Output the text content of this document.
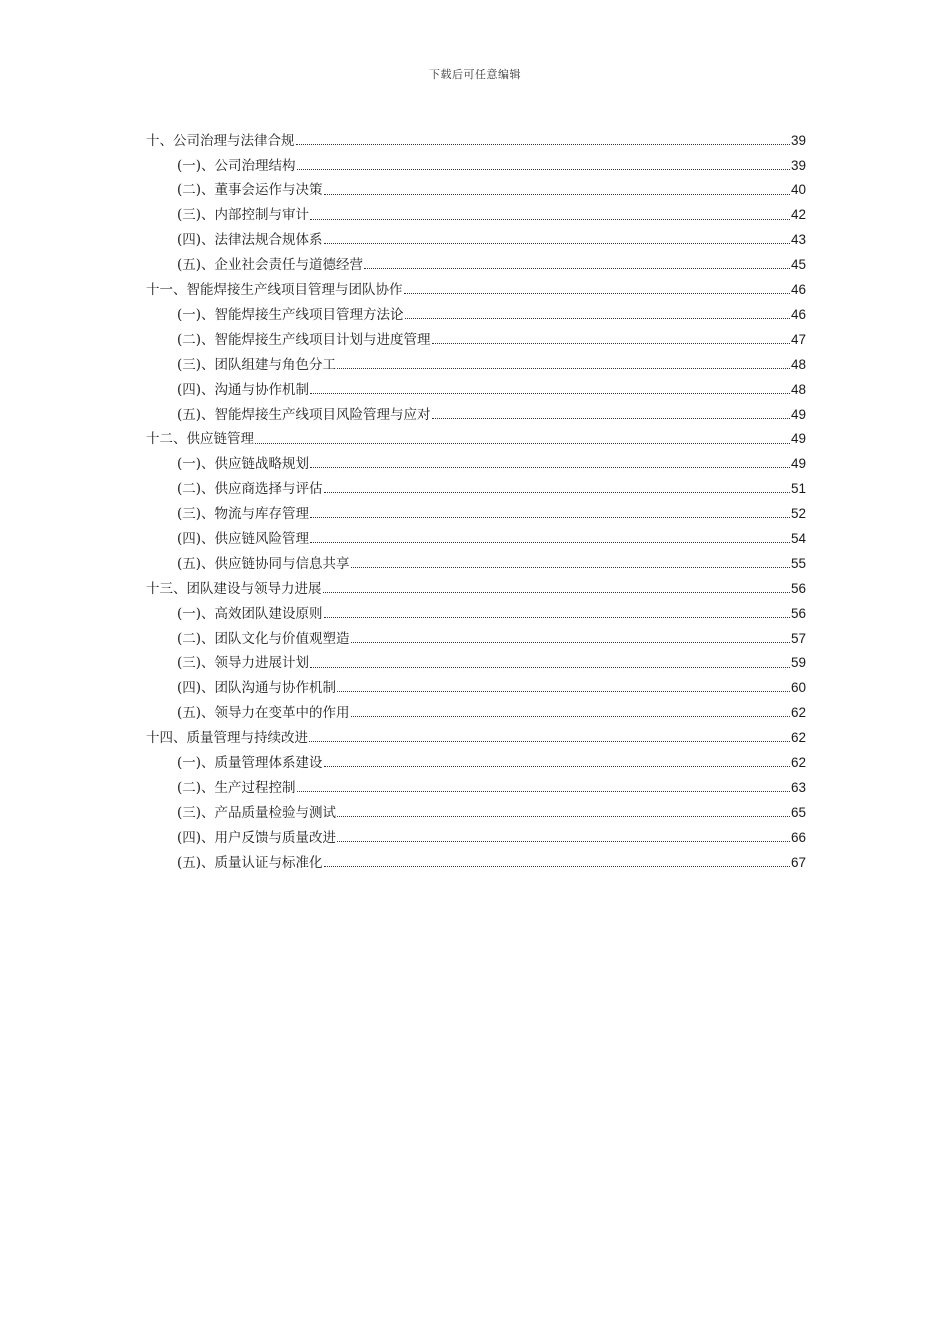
下载后可任意编辑
十、公司治理与法律合规	39
(一)、公司治理结构	39
(二)、董事会运作与决策	40
(三)、内部控制与审计	42
(四)、法律法规合规体系	43
(五)、企业社会责任与道德经营	45
十一、智能焊接生产线项目管理与团队协作	46
(一)、智能焊接生产线项目管理方法论	46
(二)、智能焊接生产线项目计划与进度管理	47
(三)、团队组建与角色分工	48
(四)、沟通与协作机制	48
(五)、智能焊接生产线项目风险管理与应对	49
十二、供应链管理	49
(一)、供应链战略规划	49
(二)、供应商选择与评估	51
(三)、物流与库存管理	52
(四)、供应链风险管理	54
(五)、供应链协同与信息共享	55
十三、团队建设与领导力进展	56
(一)、高效团队建设原则	56
(二)、团队文化与价值观塑造	57
(三)、领导力进展计划	59
(四)、团队沟通与协作机制	60
(五)、领导力在变革中的作用	62
十四、质量管理与持续改进	62
(一)、质量管理体系建设	62
(二)、生产过程控制	63
(三)、产品质量检验与测试	65
(四)、用户反馈与质量改进	66
(五)、质量认证与标准化	67
